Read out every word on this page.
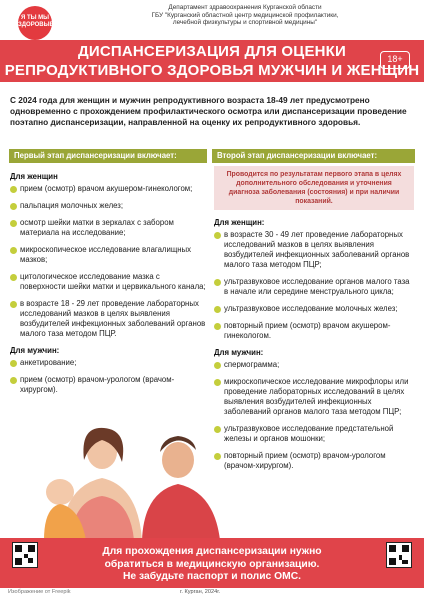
Я ТЫ МЫ ЗДОРОВЫЕ
Департамент здравоохранения Курганской области
ГБУ "Курганский областной центр медицинской профилактики,
лечебной физкультуры и спортивной медицины"
ДИСПАНСЕРИЗАЦИЯ ДЛЯ ОЦЕНКИ
РЕПРОДУКТИВНОГО ЗДОРОВЬЯ МУЖЧИН И ЖЕНЩИН
18+
С 2024 года для женщин и мужчин репродуктивного возраста 18-49 лет предусмотрено одновременно с прохождением профилактического осмотра или диспансеризации проведение поэтапно диспансеризации, направленной на оценку их репродуктивного здоровья.
Первый этап диспансеризации включает:	Второй этап диспансеризации включает:
Для женщин
прием (осмотр) врачом акушером-гинекологом;
пальпация молочных желез;
осмотр шейки матки в зеркалах с забором материала на исследование;
микроскопическое исследование влагалищных мазков;
цитологическое исследование мазка с поверхности шейки матки и цервикального канала;
в возрасте 18 - 29 лет проведение лабораторных исследований мазков в целях выявления возбудителей инфекционных заболеваний органов малого таза методом ПЦР.
Для мужчин:
анкетирование;
прием (осмотр) врачом-урологом (врачом-хирургом).
Проводится по результатам первого этапа в целях дополнительного обследования и уточнения диагноза заболевания (состояния) и при наличии показаний.
Для женщин:
в возрасте 30 - 49 лет проведение лабораторных исследований мазков в целях выявления возбудителей инфекционных заболеваний органов малого таза методом ПЦР;
ультразвуковое исследование органов малого таза в начале или середине менструального цикла;
ультразвуковое исследование молочных желез;
повторный прием (осмотр) врачом акушером-гинекологом.
Для мужчин:
спермограмма;
микроскопическое исследование микрофлоры или проведение лабораторных исследований в целях выявления возбудителей инфекционных заболеваний органов малого таза методом ПЦР;
ультразвуковое исследование предстательной железы и органов мошонки;
повторный прием (осмотр) врачом-урологом (врачом-хирургом).
Для прохождения диспансеризации нужно
обратиться в медицинскую организацию.
Не забудьте паспорт и полис ОМС.
Изображение от Freepik	г. Курган, 2024г.
